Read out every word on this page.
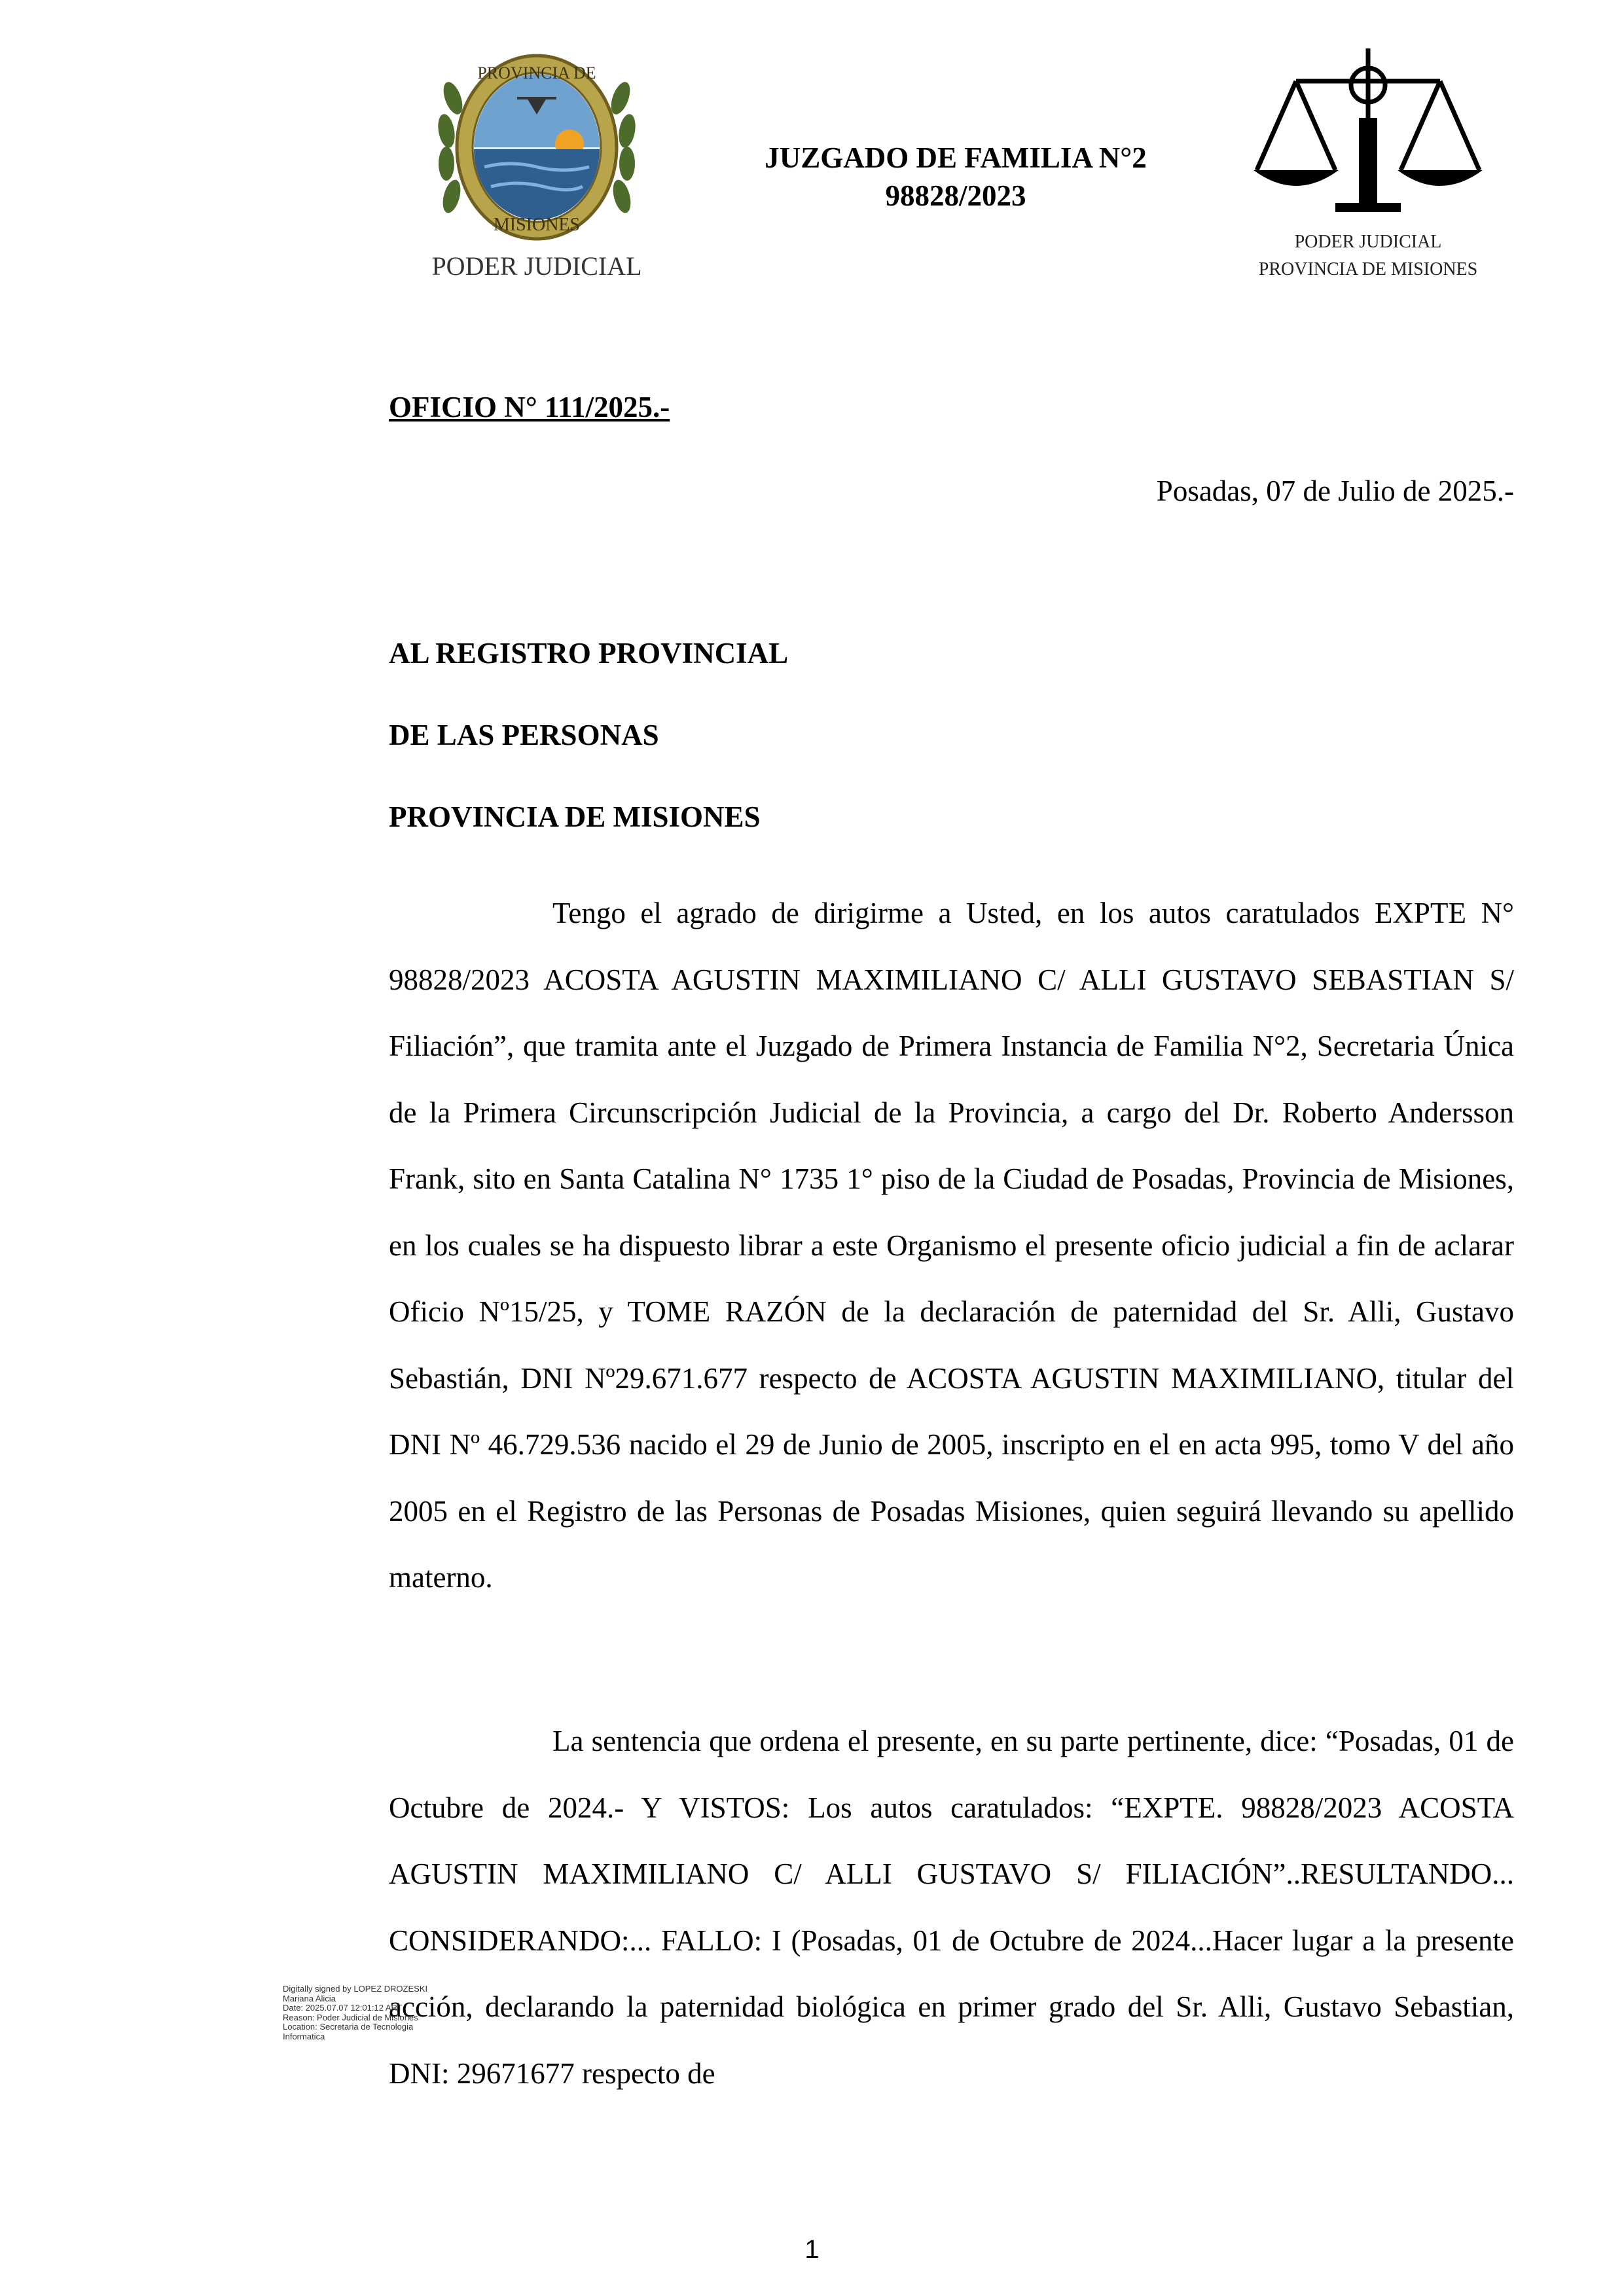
PROVINCIA DE
MISIONES
PODER JUDICIAL
JUZGADO DE FAMILIA N°2
98828/2023
PODER JUDICIAL
PROVINCIA DE MISIONES
OFICIO N° 111/2025.-
Posadas, 07 de Julio de 2025.-
AL REGISTRO PROVINCIAL
DE LAS PERSONAS
PROVINCIA DE MISIONES

Tengo el agrado de dirigirme a Usted, en los autos caratulados EXPTE N° 98828/2023 ACOSTA AGUSTIN MAXIMILIANO C/ ALLI GUSTAVO SEBASTIAN S/ Filiación”, que tramita ante el Juzgado de Primera Instancia de Familia N°2, Secretaria Única de la Primera Circunscripción Judicial de la Provincia, a cargo del Dr. Roberto Andersson Frank, sito en Santa Catalina N° 1735 1° piso de la Ciudad de Posadas, Provincia de Misiones, en los cuales se ha dispuesto librar a este Organismo el presente oficio judicial a fin de aclarar Oficio Nº15/25, y TOME RAZÓN de la declaración de paternidad del Sr. Alli, Gustavo Sebastián, DNI Nº29.671.677 respecto de ACOSTA AGUSTIN MAXIMILIANO, titular del DNI Nº 46.729.536 nacido el 29 de Junio de 2005, inscripto en el en acta 995, tomo V del año 2005 en el Registro de las Personas de Posadas Misiones, quien seguirá llevando su apellido materno.

La sentencia que ordena el presente, en su parte pertinente, dice: “Posadas, 01 de Octubre de 2024.- Y VISTOS: Los autos caratulados: “EXPTE. 98828/2023 ACOSTA AGUSTIN MAXIMILIANO C/ ALLI GUSTAVO S/ FILIACIÓN”..RESULTANDO... CONSIDERANDO:... FALLO: I (Posadas, 01 de Octubre de 2024...Hacer lugar a la presente acción, declarando la paternidad biológica en primer grado del Sr. Alli, Gustavo Sebastian, DNI: 29671677 respecto de

Digitally signed by LOPEZ DROZESKI
Mariana Alicia
Date: 2025.07.07 12:01:12 ART
Reason: Poder Judicial de Misiones
Location: Secretaria de Tecnologia
Informatica
1
